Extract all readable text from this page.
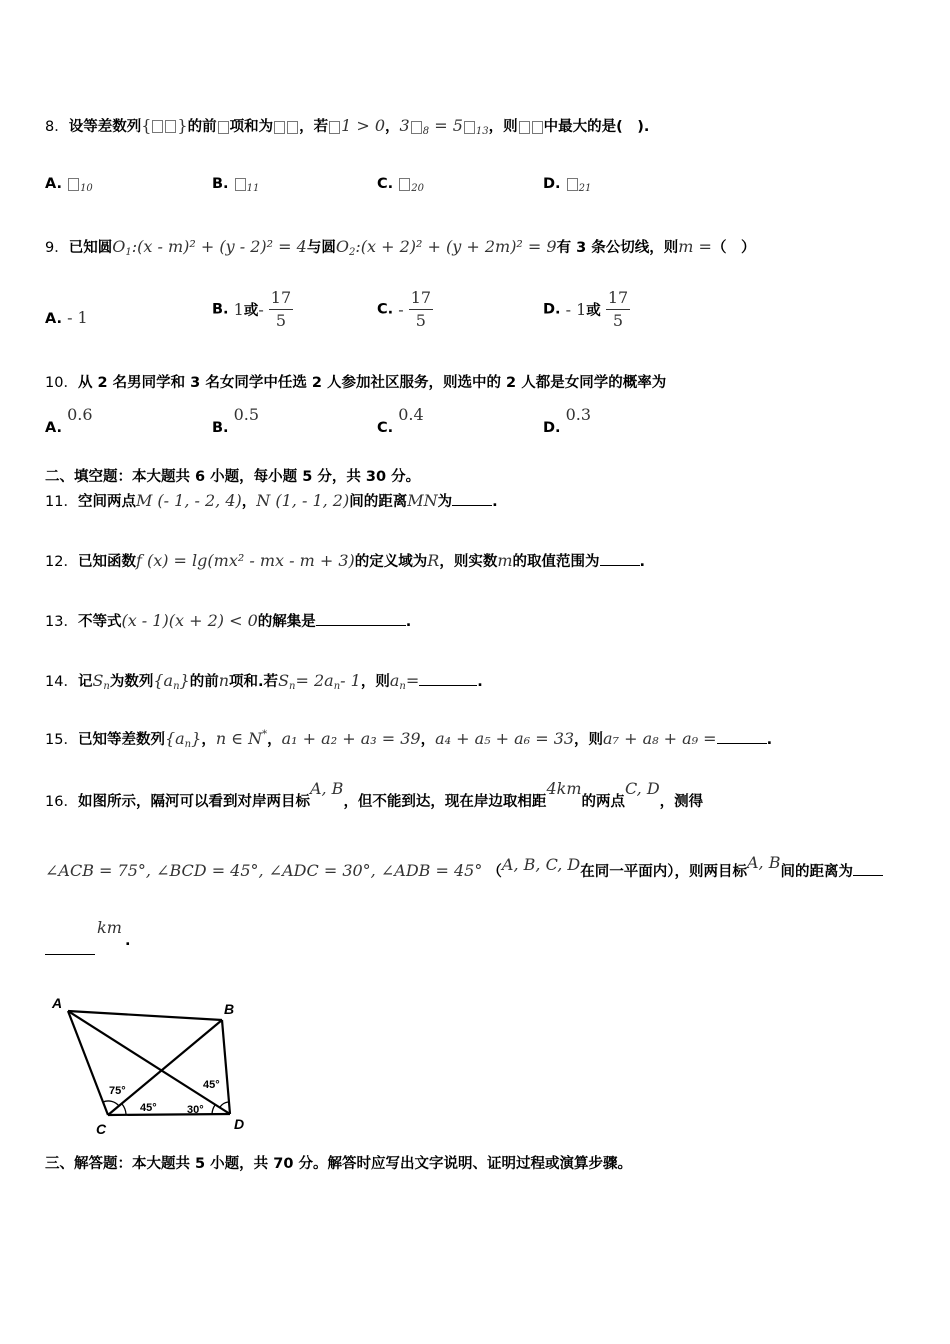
8．设等差数列{ }的前 项和为 ，若 1 > 0，3 $_8$ = 5 $_{13}$，则 中最大的是(　).
A. $_{10}$	B. $_{11}$	C. $_{20}$	D. $_{21}$
9．已知圆$O_1:(x - m)^2 + (y - 2)^2 = 4$与圆$O_2:(x + 2)^2 + (y + 2m)^2 = 9$有 3 条公切线，则m =（　）
A. - 1	B. 1或- $\frac{17}{5}$	C. - $\frac{17}{5}$	D. - 1或 $\frac{17}{5}$
10．从 2 名男同学和 3 名女同学中任选 2 人参加社区服务，则选中的 2 人都是女同学的概率为
A. 0.6
B. 0.5
C. 0.4
D. 0.3
二、填空题：本大题共 6 小题，每小题 5 分，共 30 分。
11．空间两点M (- 1, - 2, 4)，N (1, - 1, 2)间的距离MN为	.
12．已知函数f (x) = lg(mx² - mx - m + 3)的定义域为R，则实数m的取值范围为	.
13．不等式(x - 1)(x + 2) < 0的解集是	.
14．记$S_n$为数列$\{a_n\}$的前n项和.若$S_n= 2a_n-$ 1，则$a_n=$	.
15．已知等差数列$\{a_n\}$，n ∈ N*，a₁ + a₂ + a₃ = 39，a₄ + a₅ + a₆ = 33，则a₇ + a₈ + a₉ =	.
16．如图所示，隔河可以看到对岸两目标A, B，但不能到达，现在岸边取相距4km的两点C, D，测得
∠ACB = 75°, ∠BCD = 45°, ∠ADC = 30°, ∠ADB = 45° （A, B, C, D在同一平面内），则两目标A, B间的距离为
km .
A	B
C	D
75°
45°	30°
45°
三、解答题：本大题共 5 小题，共 70 分。解答时应写出文字说明、证明过程或演算步骤。
